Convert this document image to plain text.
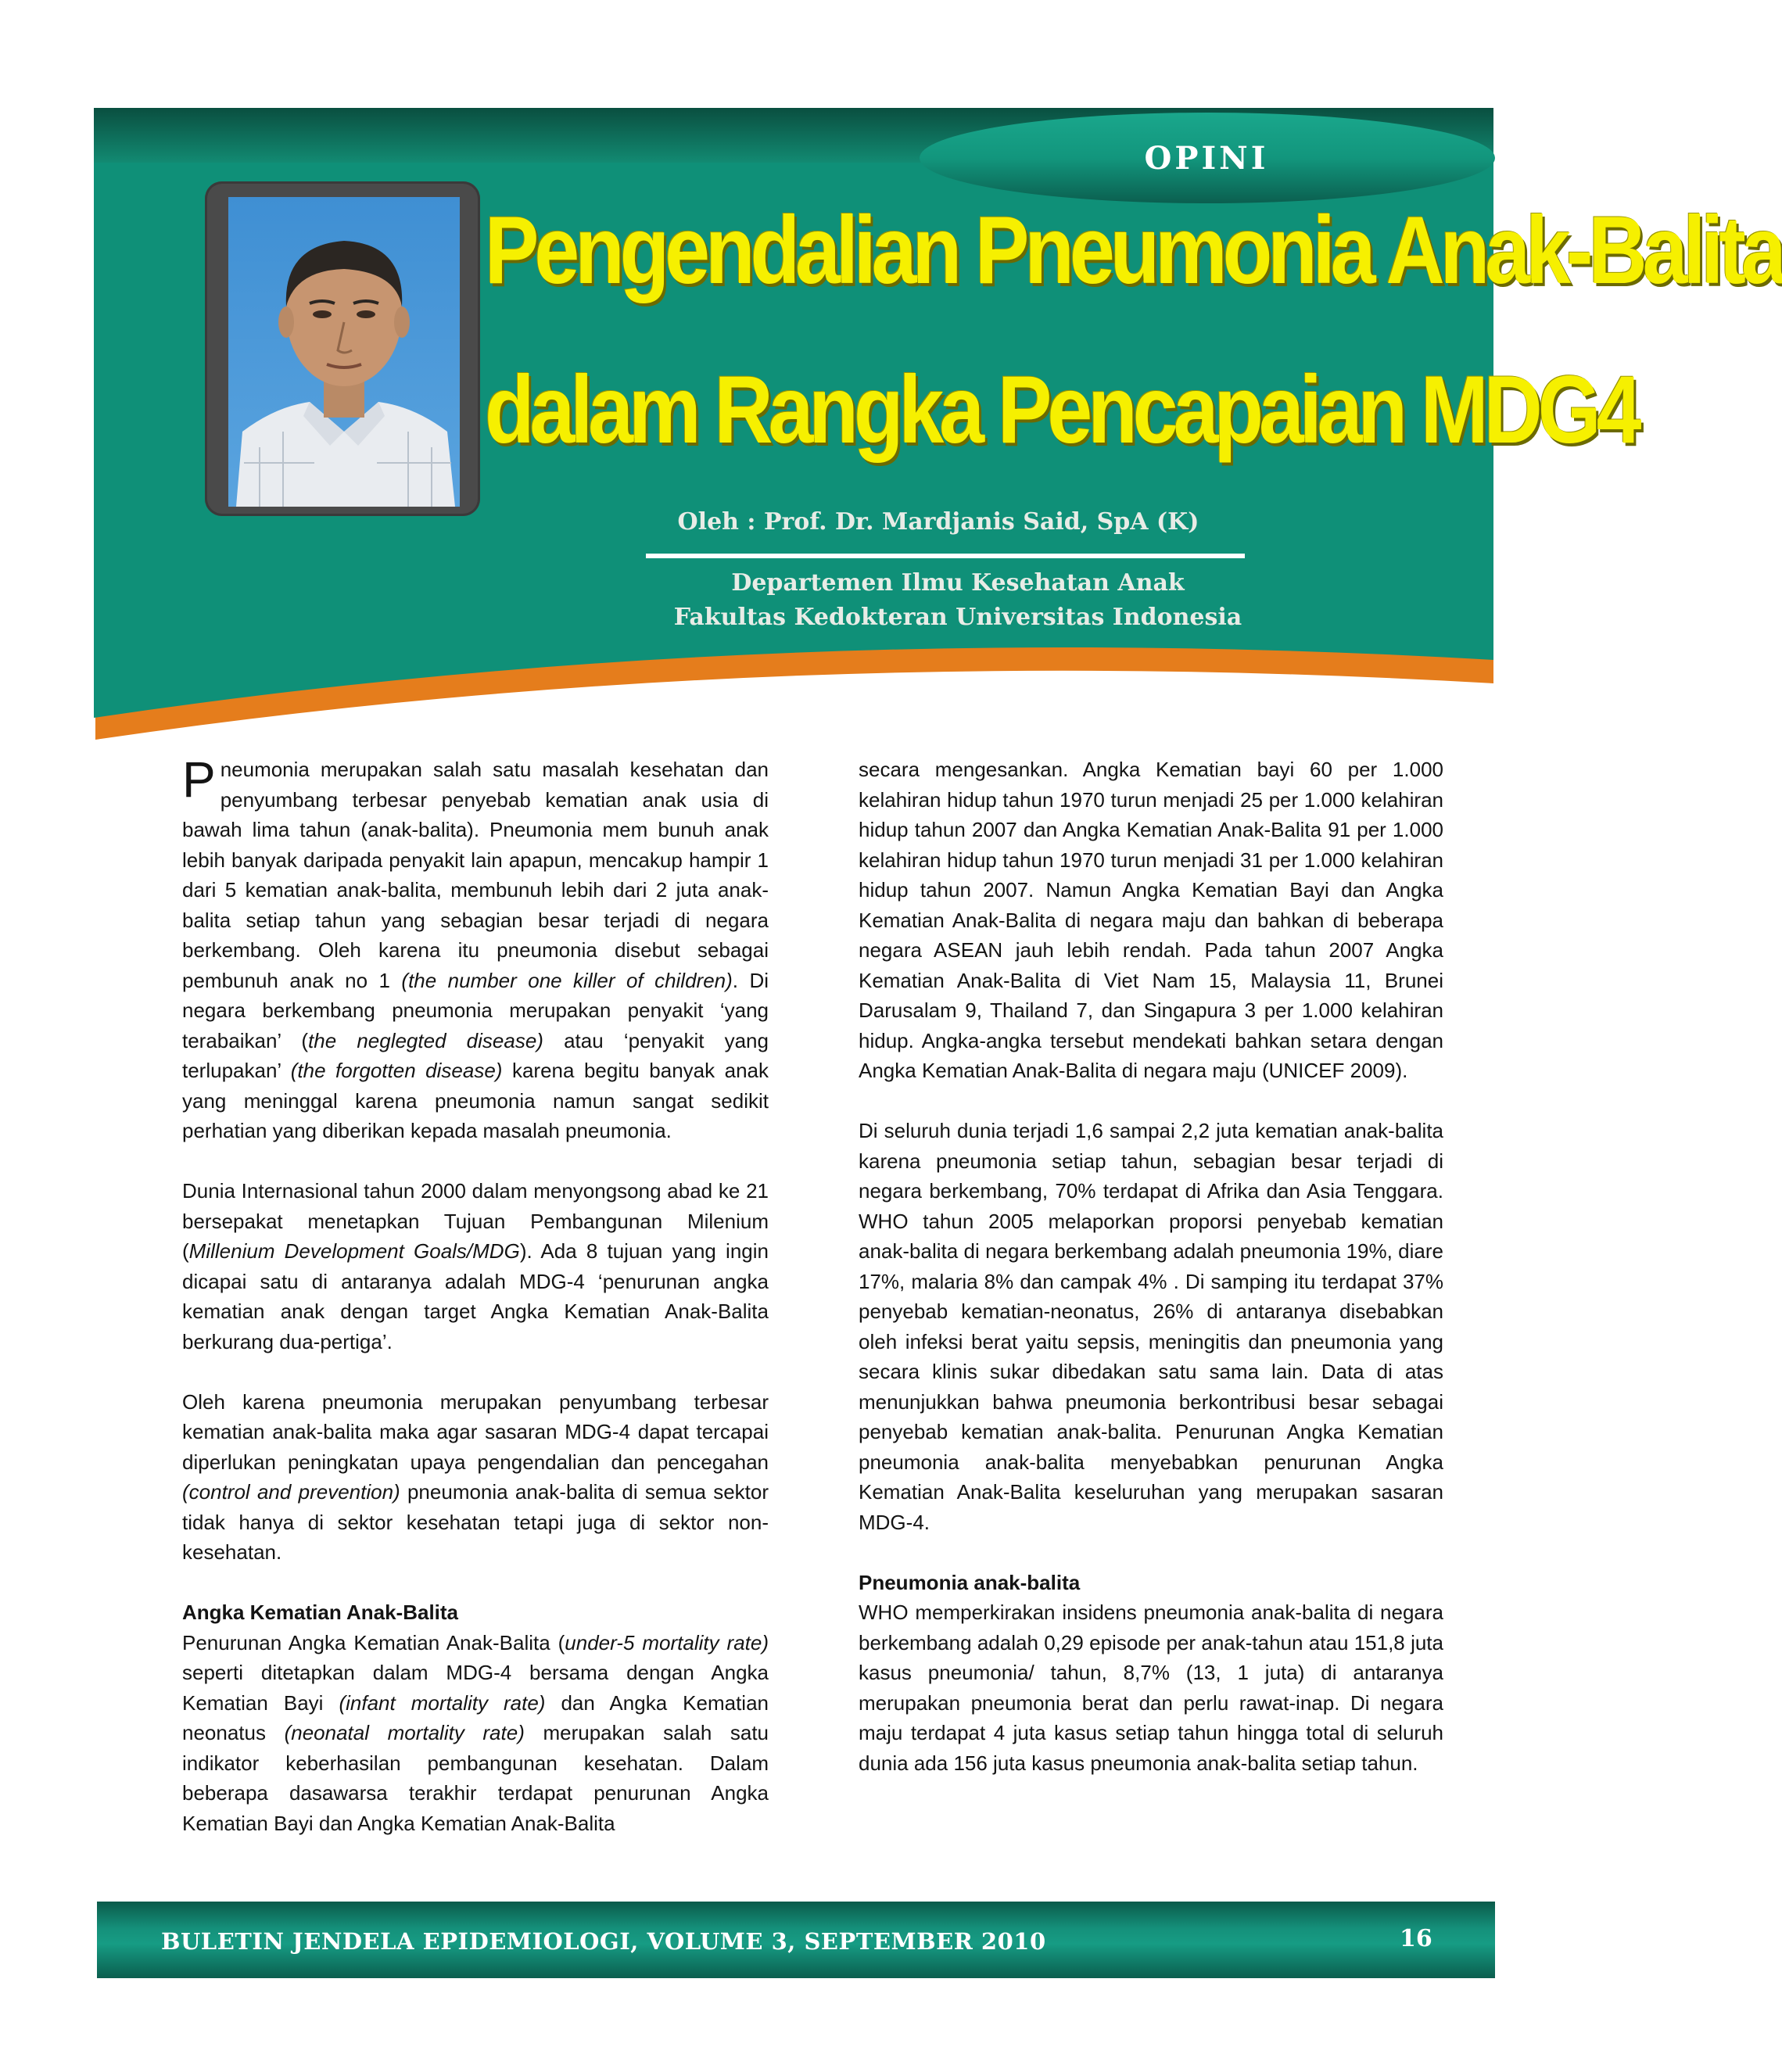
OPINI
Pengendalian Pneumonia Anak-Balita
dalam Rangka Pencapaian MDG4
Oleh : Prof. Dr. Mardjanis Said, SpA (K)
Departemen Ilmu Kesehatan Anak
Fakultas Kedokteran Universitas Indonesia

Pneumonia merupakan salah satu masalah kesehatan dan penyumbang terbesar penyebab kematian anak usia di bawah lima tahun (anak-balita). Pneumonia mem bunuh anak lebih banyak daripada penyakit lain apapun, mencakup hampir 1 dari 5 kematian anak-balita, membunuh lebih dari 2 juta anak-balita setiap tahun yang sebagian besar terjadi di negara berkembang. Oleh karena itu pneumonia disebut sebagai pembunuh anak no 1 (the number one killer of children). Di negara berkembang pneumonia merupakan penyakit ‘yang terabaikan’ (the neglegted disease) atau ‘penyakit yang terlupakan’ (the forgotten disease) karena begitu banyak anak yang meninggal karena pneumonia namun sangat sedikit perhatian yang diberikan kepada masalah pneumonia.

Dunia Internasional tahun 2000 dalam menyongsong abad ke 21 bersepakat menetapkan Tujuan Pembangunan Milenium (Millenium Development Goals/MDG). Ada 8 tujuan yang ingin dicapai satu di antaranya adalah MDG-4 ‘penurunan angka kematian anak dengan target Angka Kematian Anak-Balita berkurang dua-pertiga’.

Oleh karena pneumonia merupakan penyumbang terbesar kematian anak-balita maka agar sasaran MDG-4 dapat tercapai diperlukan peningkatan upaya pengendalian dan pencegahan (control and prevention) pneumonia anak-balita di semua sektor tidak hanya di sektor kesehatan tetapi juga di sektor non-kesehatan.

Angka Kematian Anak-Balita

Penurunan Angka Kematian Anak-Balita (under-5 mortality rate) seperti ditetapkan dalam MDG-4 bersama dengan Angka Kematian Bayi (infant mortality rate) dan Angka Kematian neonatus (neonatal mortality rate) merupakan salah satu indikator keberhasilan pembangunan kesehatan. Dalam beberapa dasawarsa terakhir terdapat penurunan Angka Kematian Bayi dan Angka Kematian Anak-Balita

secara mengesankan. Angka Kematian bayi 60 per 1.000 kelahiran hidup tahun 1970 turun menjadi 25 per 1.000 kelahiran hidup tahun 2007 dan Angka Kematian Anak-Balita 91 per 1.000 kelahiran hidup tahun 1970 turun menjadi 31 per 1.000 kelahiran hidup tahun 2007. Namun Angka Kematian Bayi dan Angka Kematian Anak-Balita di negara maju dan bahkan di beberapa negara ASEAN jauh lebih rendah. Pada tahun 2007 Angka Kematian Anak-Balita di Viet Nam 15, Malaysia 11, Brunei Darusalam 9, Thailand 7, dan Singapura 3 per 1.000 kelahiran hidup. Angka-angka tersebut mendekati bahkan setara dengan Angka Kematian Anak-Balita di negara maju (UNICEF 2009).

Di seluruh dunia terjadi 1,6 sampai 2,2 juta kematian anak-balita karena pneumonia setiap tahun, sebagian besar terjadi di negara berkembang, 70% terdapat di Afrika dan Asia Tenggara. WHO tahun 2005 melaporkan proporsi penyebab kematian anak-balita di negara berkembang adalah pneumonia 19%, diare 17%, malaria 8% dan campak 4% . Di samping itu terdapat 37% penyebab kematian-neonatus, 26% di antaranya disebabkan oleh infeksi berat yaitu sepsis, meningitis dan pneumonia yang secara klinis sukar dibedakan satu sama lain. Data di atas menunjukkan bahwa pneumonia berkontribusi besar sebagai penyebab kematian anak-balita. Penurunan Angka Kematian pneumonia anak-balita menyebabkan penurunan Angka Kematian Anak-Balita keseluruhan yang merupakan sasaran MDG-4.

Pneumonia anak-balita

WHO memperkirakan insidens pneumonia anak-balita di negara berkembang adalah 0,29 episode per anak-tahun atau 151,8 juta kasus pneumonia/ tahun, 8,7% (13, 1 juta) di antaranya merupakan pneumonia berat dan perlu rawat-inap. Di negara maju terdapat 4 juta kasus setiap tahun hingga total di seluruh dunia ada 156 juta kasus pneumonia anak-balita setiap tahun.

BULETIN JENDELA EPIDEMIOLOGI, VOLUME 3, SEPTEMBER 2010	16
